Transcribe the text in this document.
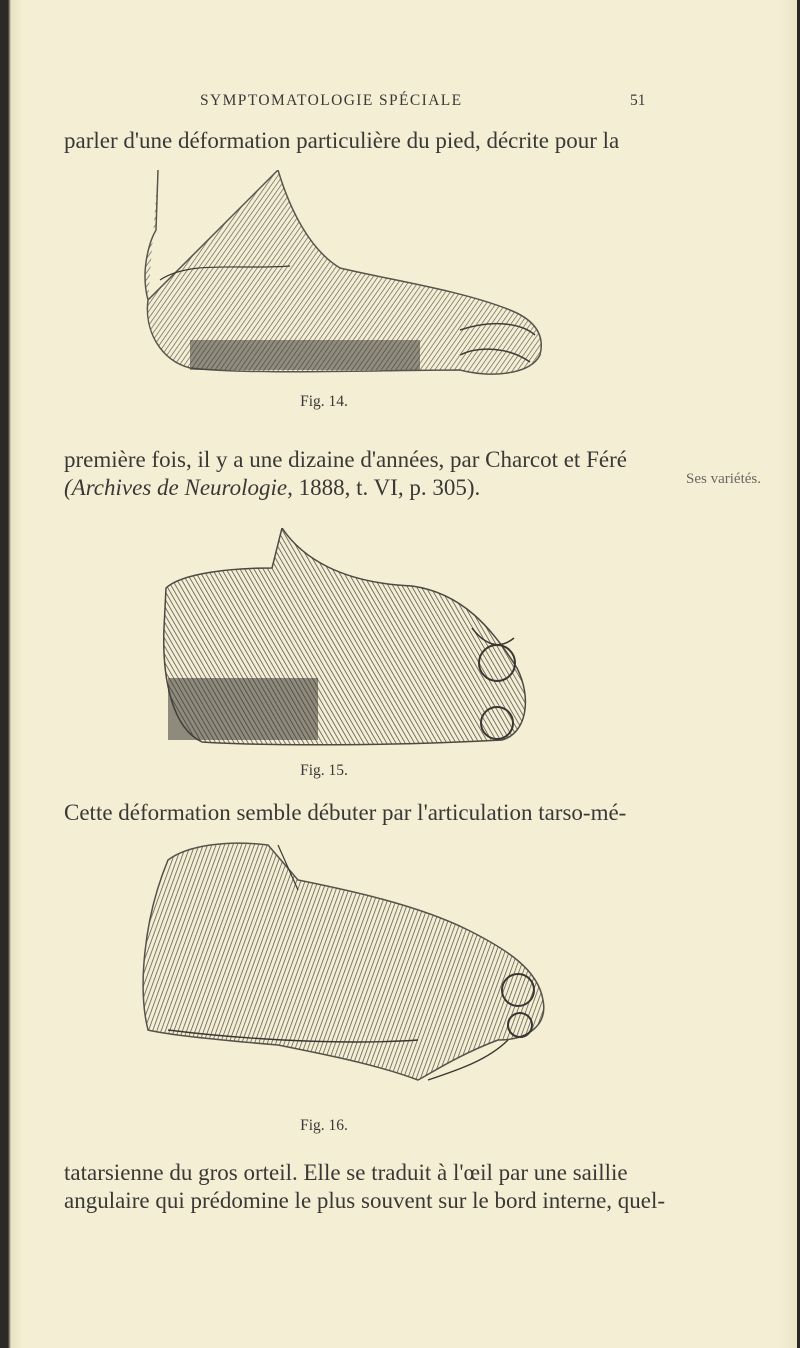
SYMPTOMATOLOGIE SPÉCIALE	51
parler d'une déformation particulière du pied, décrite pour la
Fig. 14.
première fois, il y a une dizaine d'années, par Charcot et Féré
(Archives de Neurologie, 1888, t. VI, p. 305).	Ses variétés.
Fig. 15.
Cette déformation semble débuter par l'articulation tarso-mé-
Fig. 16.
tatarsienne du gros orteil. Elle se traduit à l'œil par une saillie
angulaire qui prédomine le plus souvent sur le bord interne, quel-
